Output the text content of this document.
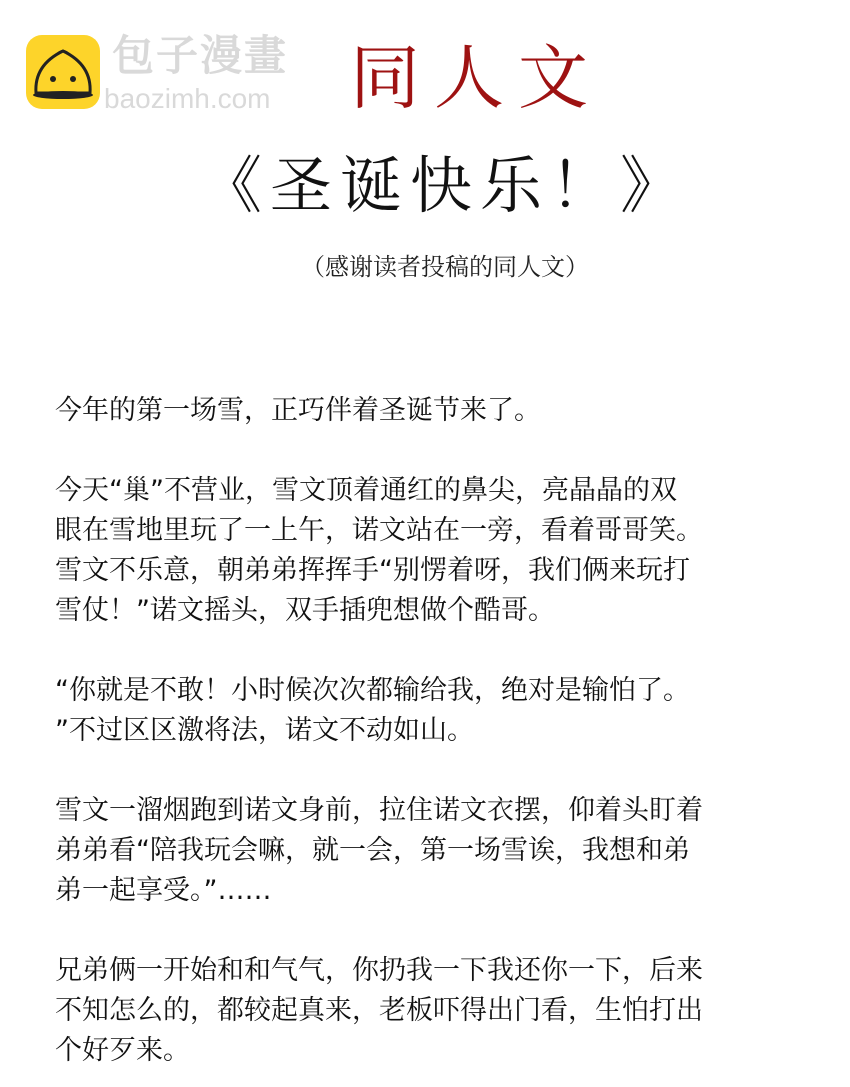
包子漫畫
baozimh.com 同人文
《圣诞快乐！》
（感谢读者投稿的同人文）
今年的第一场雪，正巧伴着圣诞节来了。
今天“巢”不营业，雪文顶着通红的鼻尖，亮晶晶的双
眼在雪地里玩了一上午，诺文站在一旁，看着哥哥笑。
雪文不乐意，朝弟弟挥挥手“别愣着呀，我们俩来玩打
雪仗！”诺文摇头，双手插兜想做个酷哥。
“你就是不敢！小时候次次都输给我，绝对是输怕了。
”不过区区激将法，诺文不动如山。
雪文一溜烟跑到诺文身前，拉住诺文衣摆，仰着头盯着
弟弟看“陪我玩会嘛，就一会，第一场雪诶，我想和弟
弟一起享受。”……
兄弟俩一开始和和气气，你扔我一下我还你一下，后来
不知怎么的，都较起真来，老板吓得出门看，生怕打出
个好歹来。
